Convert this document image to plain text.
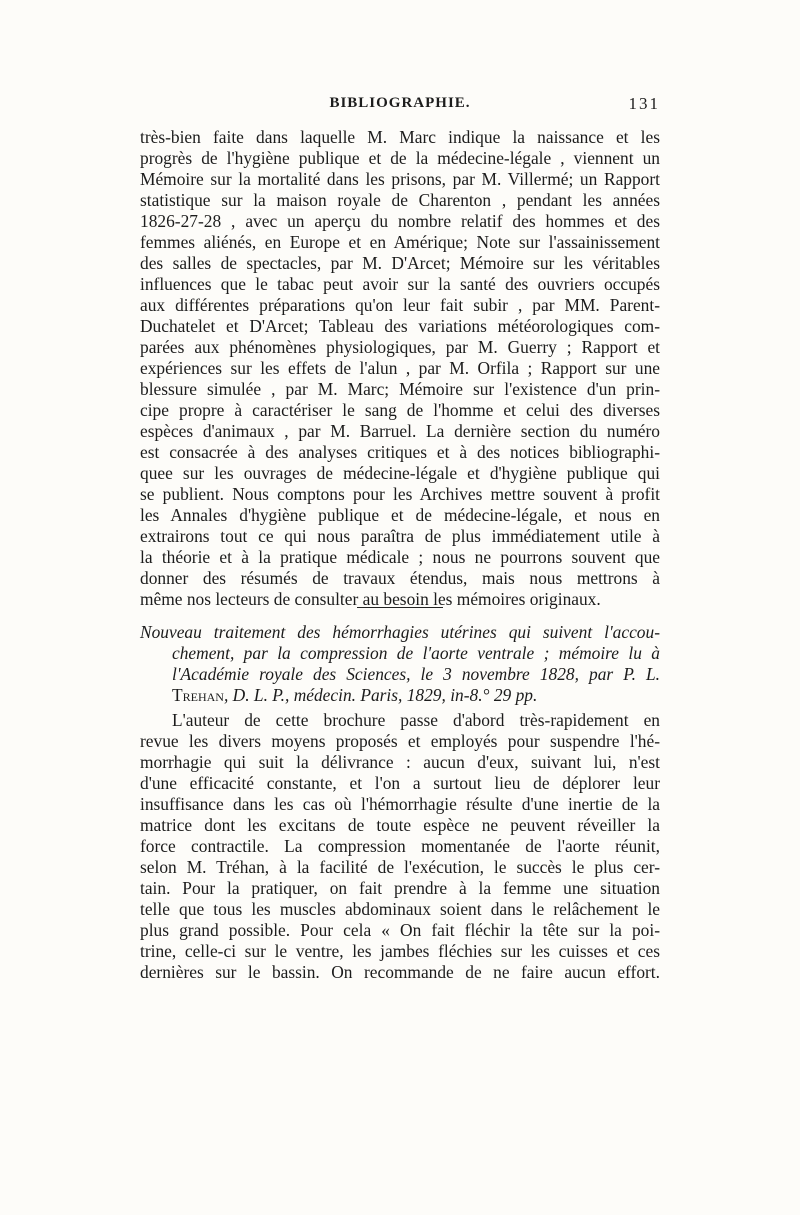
BIBLIOGRAPHIE.	131
très-bien faite dans laquelle M. Marc indique la naissance et les
progrès de l'hygiène publique et de la médecine-légale , viennent un
Mémoire sur la mortalité dans les prisons, par M. Villermé; un Rapport
statistique sur la maison royale de Charenton , pendant les années
1826-27-28 , avec un aperçu du nombre relatif des hommes et des
femmes aliénés, en Europe et en Amérique; Note sur l'assainissement
des salles de spectacles, par M. D'Arcet; Mémoire sur les véritables
influences que le tabac peut avoir sur la santé des ouvriers occupés
aux différentes préparations qu'on leur fait subir , par MM. Parent-
Duchatelet et D'Arcet; Tableau des variations météorologiques com-
parées aux phénomènes physiologiques, par M. Guerry ; Rapport et
expériences sur les effets de l'alun , par M. Orfila ; Rapport sur une
blessure simulée , par M. Marc; Mémoire sur l'existence d'un prin-
cipe propre à caractériser le sang de l'homme et celui des diverses
espèces d'animaux , par M. Barruel. La dernière section du numéro
est consacrée à des analyses critiques et à des notices bibliographi-
quee sur les ouvrages de médecine-légale et d'hygiène publique qui
se publient. Nous comptons pour les Archives mettre souvent à profit
les Annales d'hygiène publique et de médecine-légale, et nous en
extrairons tout ce qui nous paraîtra de plus immédiatement utile à
la théorie et à la pratique médicale ; nous ne pourrons souvent que
donner des résumés de travaux étendus, mais nous mettrons à
même nos lecteurs de consulter au besoin les mémoires originaux.
Nouveau traitement des hémorrhagies utérines qui suivent l'accou-
chement, par la compression de l'aorte ventrale ; mémoire lu à
l'Académie royale des Sciences, le 3 novembre 1828, par P. L.
Trehan, D. L. P., médecin. Paris, 1829, in-8.° 29 pp.
L'auteur de cette brochure passe d'abord très-rapidement en
revue les divers moyens proposés et employés pour suspendre l'hé-
morrhagie qui suit la délivrance : aucun d'eux, suivant lui, n'est
d'une efficacité constante, et l'on a surtout lieu de déplorer leur
insuffisance dans les cas où l'hémorrhagie résulte d'une inertie de la
matrice dont les excitans de toute espèce ne peuvent réveiller la
force contractile. La compression momentanée de l'aorte réunit,
selon M. Tréhan, à la facilité de l'exécution, le succès le plus cer-
tain. Pour la pratiquer, on fait prendre à la femme une situation
telle que tous les muscles abdominaux soient dans le relâchement le
plus grand possible. Pour cela « On fait fléchir la tête sur la poi-
trine, celle-ci sur le ventre, les jambes fléchies sur les cuisses et ces
dernières sur le bassin. On recommande de ne faire aucun effort.
